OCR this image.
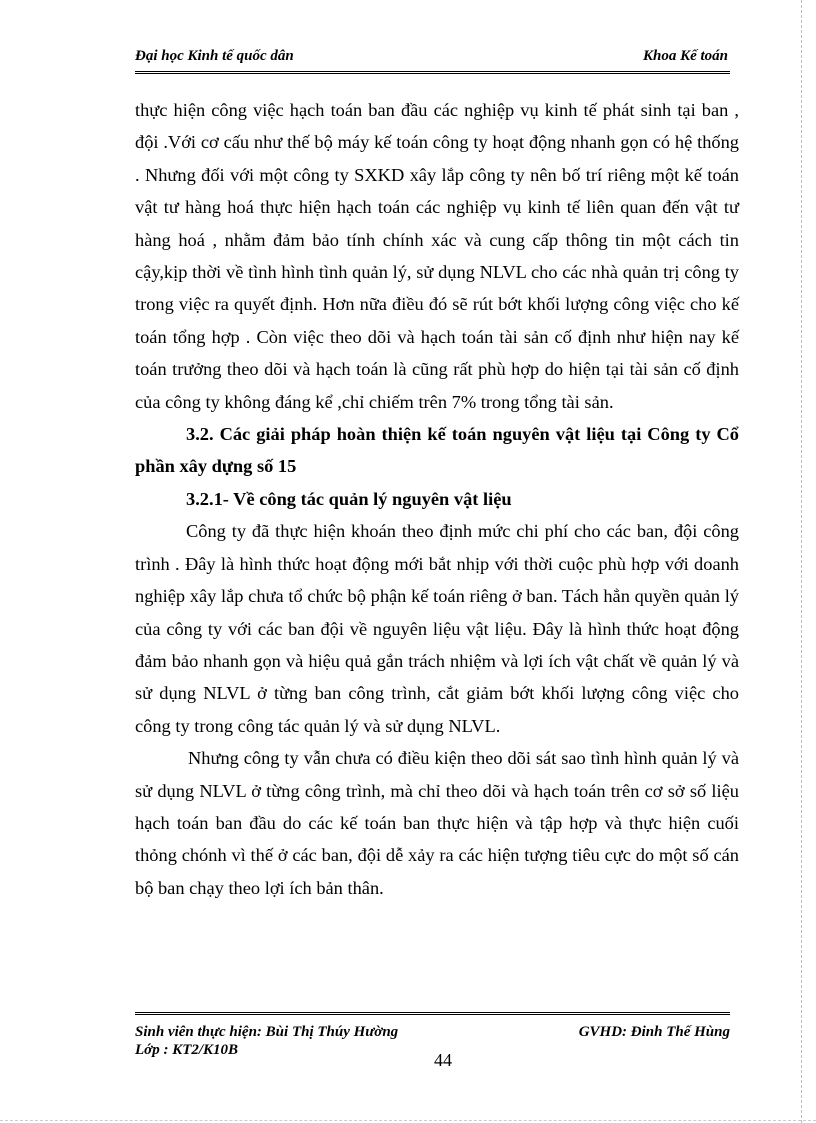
Đại học Kinh tế quốc dân	Khoa Kế toán

thực hiện công việc hạch toán ban đầu các nghiệp vụ kinh tế phát sinh tại ban , đội .Với cơ cấu như thế bộ máy kế toán công ty hoạt động nhanh gọn có hệ thống . Nhưng đối với một công ty SXKD xây lắp công ty nên bố trí riêng một kế toán vật tư hàng hoá thực hiện hạch toán các nghiệp vụ kinh tế liên quan đến vật tư hàng hoá , nhằm đảm bảo tính chính xác và cung cấp thông tin một cách tin cậy,kịp thời về tình hình tình quản lý, sử dụng NLVL cho các nhà quản trị công ty trong việc ra quyết định. Hơn nữa điều đó sẽ rút bớt khối lượng công việc cho kế toán tổng hợp . Còn việc theo dõi và hạch toán tài sản cố định như hiện nay kế toán trưởng theo dõi và hạch toán là cũng rất phù hợp do hiện tại tài sản cố định của công ty không đáng kể ,chỉ chiếm trên 7% trong tổng tài sản.

3.2. Các giải pháp hoàn thiện kế toán nguyên vật liệu tại Công ty Cổ phần xây dựng số 15

3.2.1- Về công tác quản lý nguyên vật liệu

Công ty đã thực hiện khoán theo định mức chi phí cho các ban, đội công trình . Đây là hình thức hoạt động mới bắt nhịp với thời cuộc phù hợp với doanh nghiệp xây lắp chưa tổ chức bộ phận kế toán riêng ở ban. Tách hẳn quyền quản lý của công ty với các ban đội về nguyên liệu vật liệu. Đây là hình thức hoạt động đảm bảo nhanh gọn và hiệu quả gắn trách nhiệm và lợi ích vật chất về quản lý và sử dụng NLVL ở từng ban công trình, cắt giảm bớt khối lượng công việc cho công ty trong công tác quản lý và sử dụng NLVL.

Nhưng công ty vẫn chưa có điều kiện theo dõi sát sao tình hình quản lý và sử dụng NLVL ở từng công trình, mà chỉ theo dõi và hạch toán trên cơ sở số liệu hạch toán ban đầu do các kế toán ban thực hiện và tập hợp và thực hiện cuối thỏng chónh vì thế ở các ban, đội dễ xảy ra các hiện tượng tiêu cực do một số cán bộ ban chạy theo lợi ích bản thân.

Sinh viên thực hiện: Bùi Thị Thúy Hường	GVHD: Đinh Thế Hùng
Lớp : KT2/K10B	44
